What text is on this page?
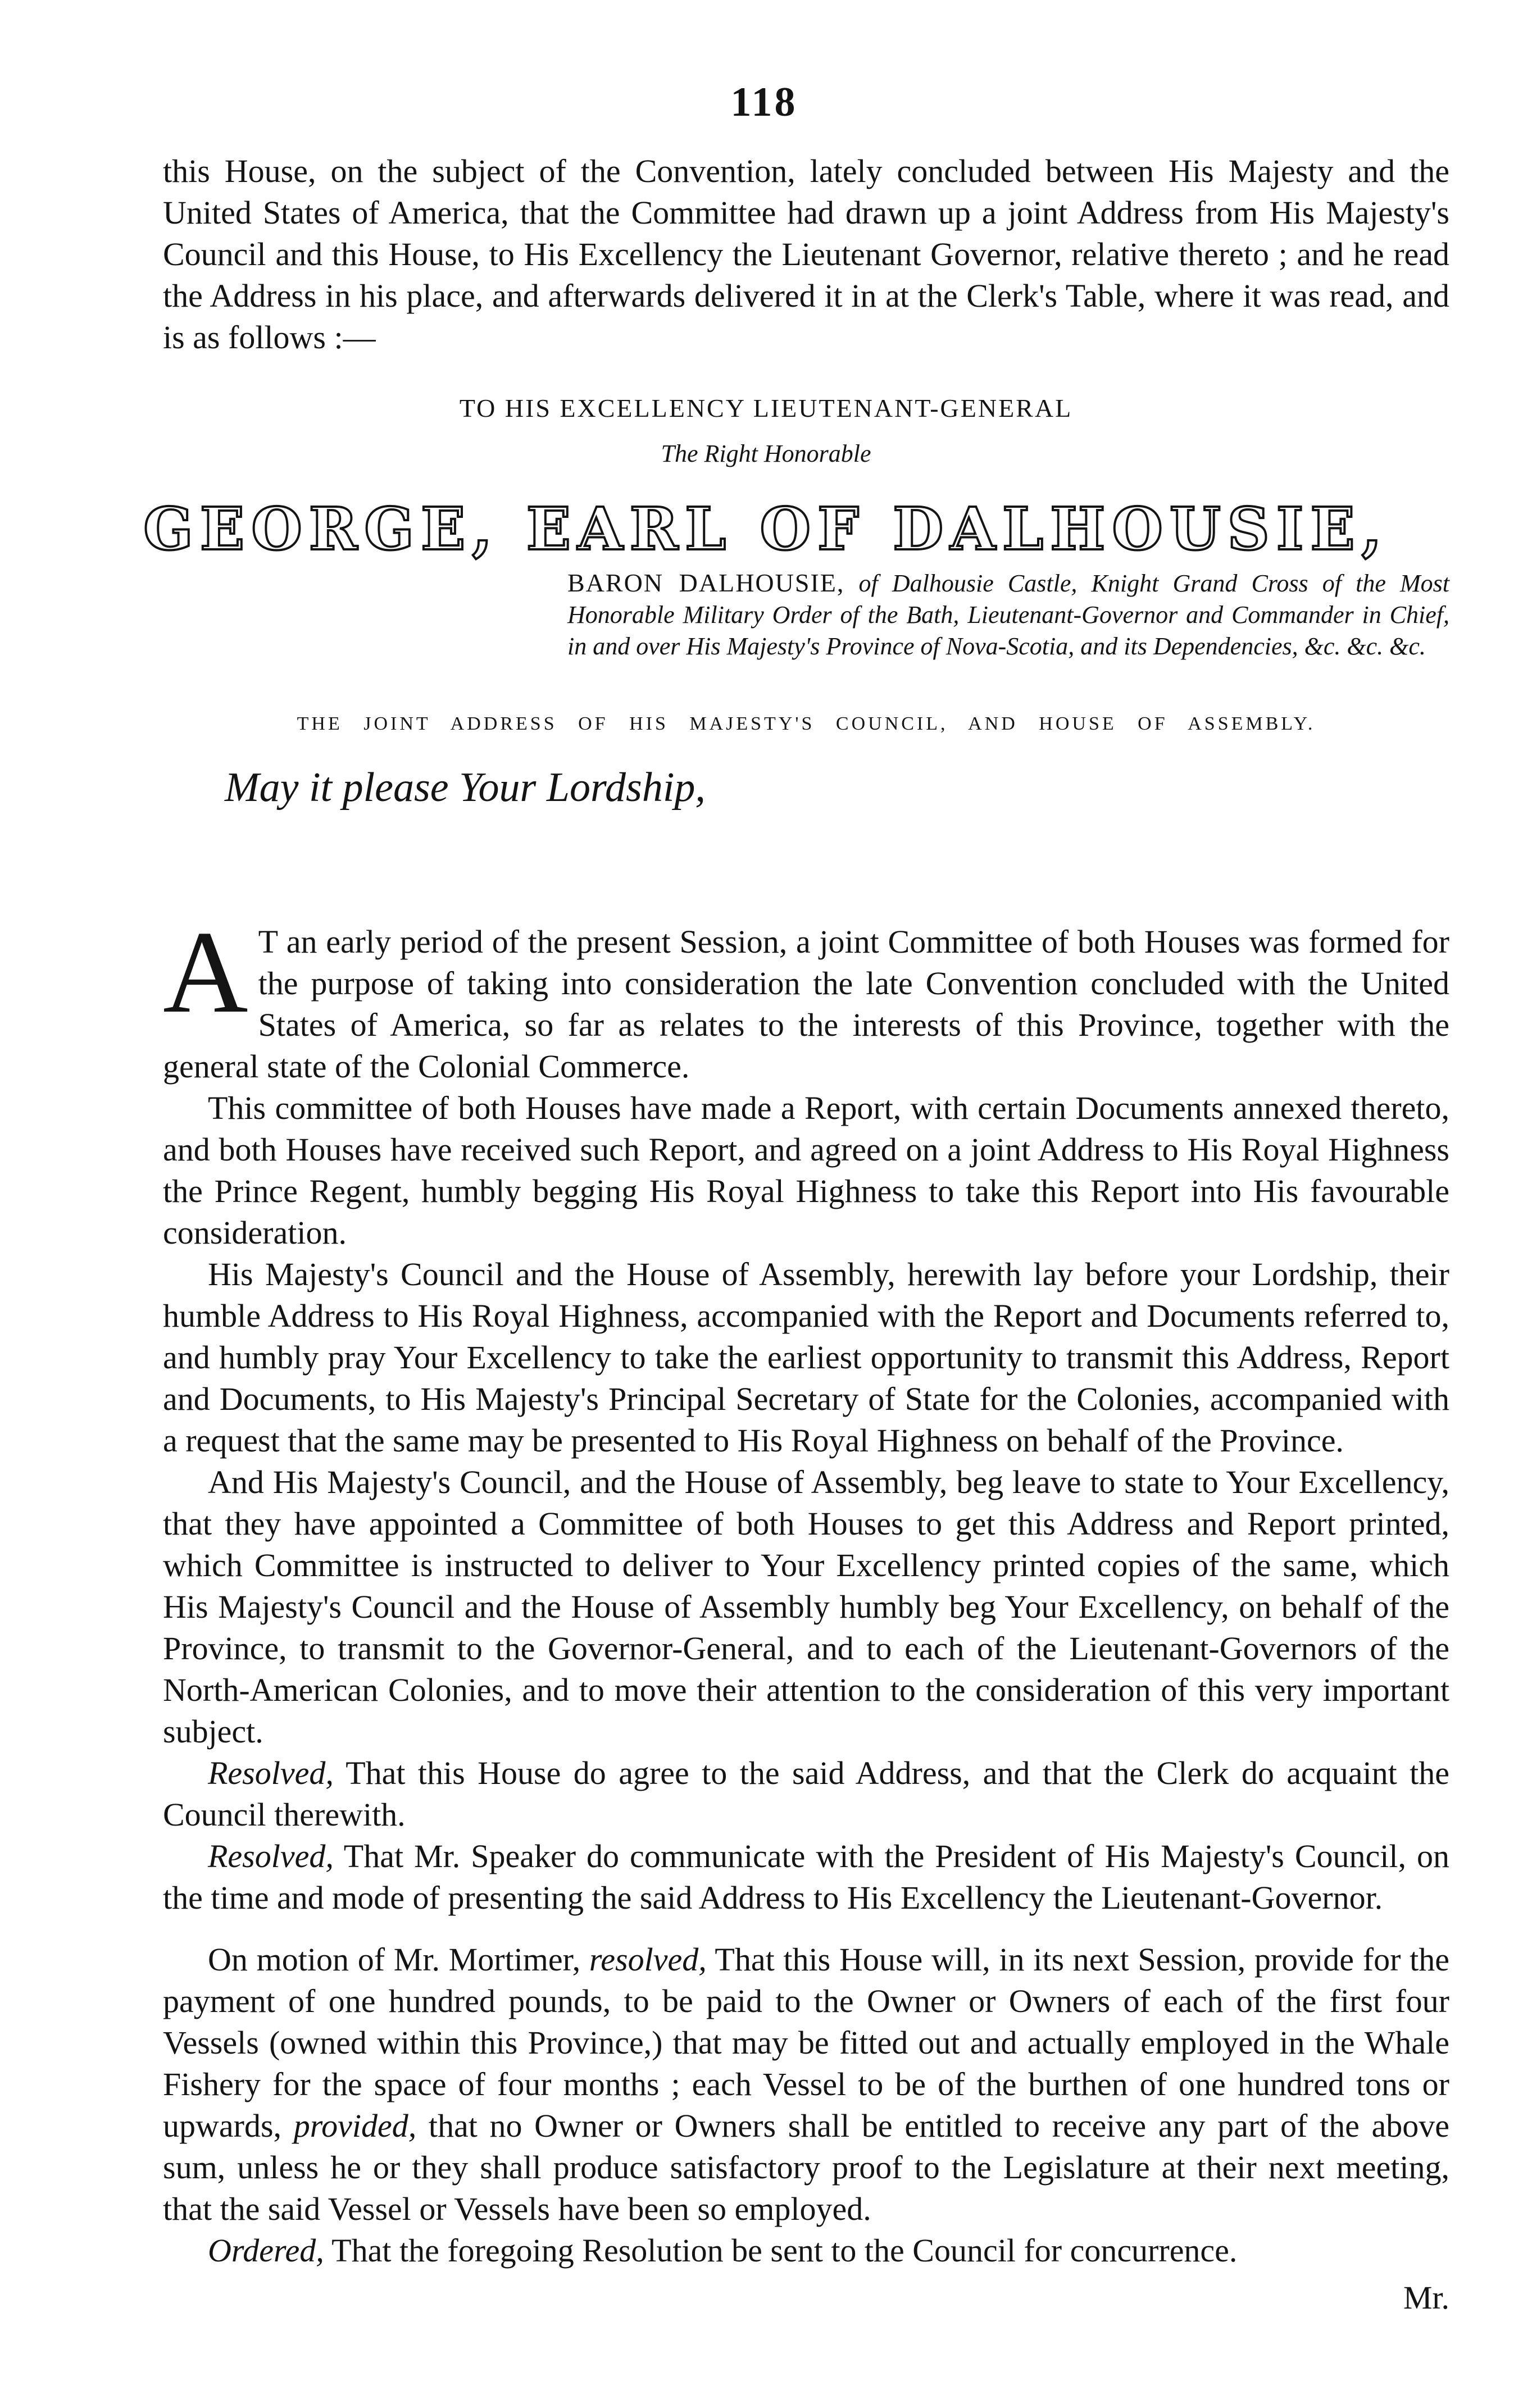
118

this House, on the subject of the Convention, lately concluded between His Majesty and the United States of America, that the Committee had drawn up a joint Address from His Majesty's Council and this House, to His Excellency the Lieutenant Governor, relative thereto ; and he read the Address in his place, and afterwards delivered it in at the Clerk's Table, where it was read, and is as follows :—

TO HIS EXCELLENCY LIEUTENANT-GENERAL
The Right Honorable
GEORGE, EARL OF DALHOUSIE,

BARON DALHOUSIE, of Dalhousie Castle, Knight Grand Cross of the Most Honorable Military Order of the Bath, Lieutenant-Governor and Commander in Chief, in and over His Majesty's Province of Nova-Scotia, and its Dependencies, &c. &c. &c.

THE JOINT ADDRESS OF HIS MAJESTY'S COUNCIL, AND HOUSE OF ASSEMBLY.
May it please Your Lordship,

A T an early period of the present Session, a joint Committee of both Houses was formed for the purpose of taking into consideration the late Convention concluded with the United States of America, so far as relates to the interests of this Province, together with the general state of the Colonial Commerce.

This committee of both Houses have made a Report, with certain Documents annexed thereto, and both Houses have received such Report, and agreed on a joint Address to His Royal Highness the Prince Regent, humbly begging His Royal Highness to take this Report into His favourable consideration.

His Majesty's Council and the House of Assembly, herewith lay before your Lordship, their humble Address to His Royal Highness, accompanied with the Report and Documents referred to, and humbly pray Your Excellency to take the earliest opportunity to transmit this Address, Report and Documents, to His Majesty's Principal Secretary of State for the Colonies, accompanied with a request that the same may be presented to His Royal Highness on behalf of the Province.

And His Majesty's Council, and the House of Assembly, beg leave to state to Your Excellency, that they have appointed a Committee of both Houses to get this Address and Report printed, which Committee is instructed to deliver to Your Excellency printed copies of the same, which His Majesty's Council and the House of Assembly humbly beg Your Excellency, on behalf of the Province, to transmit to the Governor-General, and to each of the Lieutenant-Governors of the North-American Colonies, and to move their attention to the consideration of this very important subject.

Resolved, That this House do agree to the said Address, and that the Clerk do acquaint the Council therewith.

Resolved, That Mr. Speaker do communicate with the President of His Majesty's Council, on the time and mode of presenting the said Address to His Excellency the Lieutenant-Governor.

On motion of Mr. Mortimer, resolved, That this House will, in its next Session, provide for the payment of one hundred pounds, to be paid to the Owner or Owners of each of the first four Vessels (owned within this Province,) that may be fitted out and actually employed in the Whale Fishery for the space of four months ; each Vessel to be of the burthen of one hundred tons or upwards, provided, that no Owner or Owners shall be entitled to receive any part of the above sum, unless he or they shall produce satisfactory proof to the Legislature at their next meeting, that the said Vessel or Vessels have been so employed.

Ordered, That the foregoing Resolution be sent to the Council for concurrence.

Mr.
